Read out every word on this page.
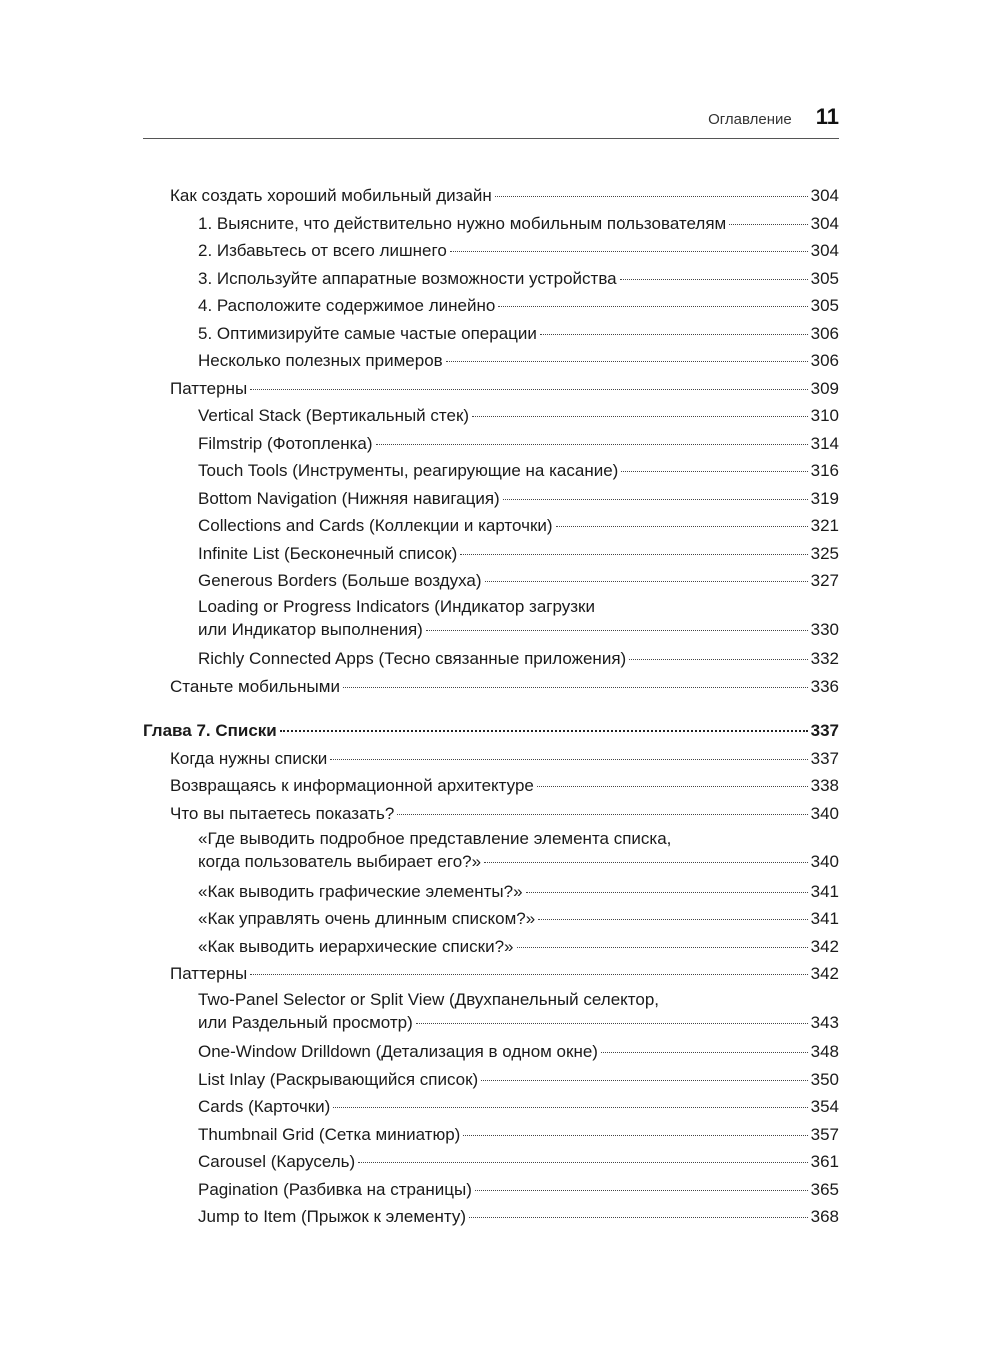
Оглавление 11
Как создать хороший мобильный дизайн	304
1. Выясните, что действительно нужно мобильным пользователям	304
2. Избавьтесь от всего лишнего	304
3. Используйте аппаратные возможности устройства	305
4. Расположите содержимое линейно	305
5. Оптимизируйте самые частые операции	306
Несколько полезных примеров	306
Паттерны	309
Vertical Stack (Вертикальный стек)	310
Filmstrip (Фотопленка)	314
Touch Tools (Инструменты, реагирующие на касание)	316
Bottom Navigation (Нижняя навигация)	319
Collections and Cards (Коллекции и карточки)	321
Infinite List (Бесконечный список)	325
Generous Borders (Больше воздуха)	327
Loading or Progress Indicators (Индикатор загрузки
или Индикатор выполнения)	330
Richly Connected Apps (Тесно связанные приложения)	332
Станьте мобильными	336
Глава 7. Списки	337
Когда нужны списки	337
Возвращаясь к информационной архитектуре	338
Что вы пытаетесь показать?	340
«Где выводить подробное представление элемента списка,
когда пользователь выбирает его?»	340
«Как выводить графические элементы?»	341
«Как управлять очень длинным списком?»	341
«Как выводить иерархические списки?»	342
Паттерны	342
Two-Panel Selector or Split View (Двухпанельный селектор,
или Раздельный просмотр)	343
One-Window Drilldown (Детализация в одном окне)	348
List Inlay (Раскрывающийся список)	350
Cards (Карточки)	354
Thumbnail Grid (Сетка миниатюр)	357
Carousel (Карусель)	361
Pagination (Разбивка на страницы)	365
Jump to Item (Прыжок к элементу)	368
